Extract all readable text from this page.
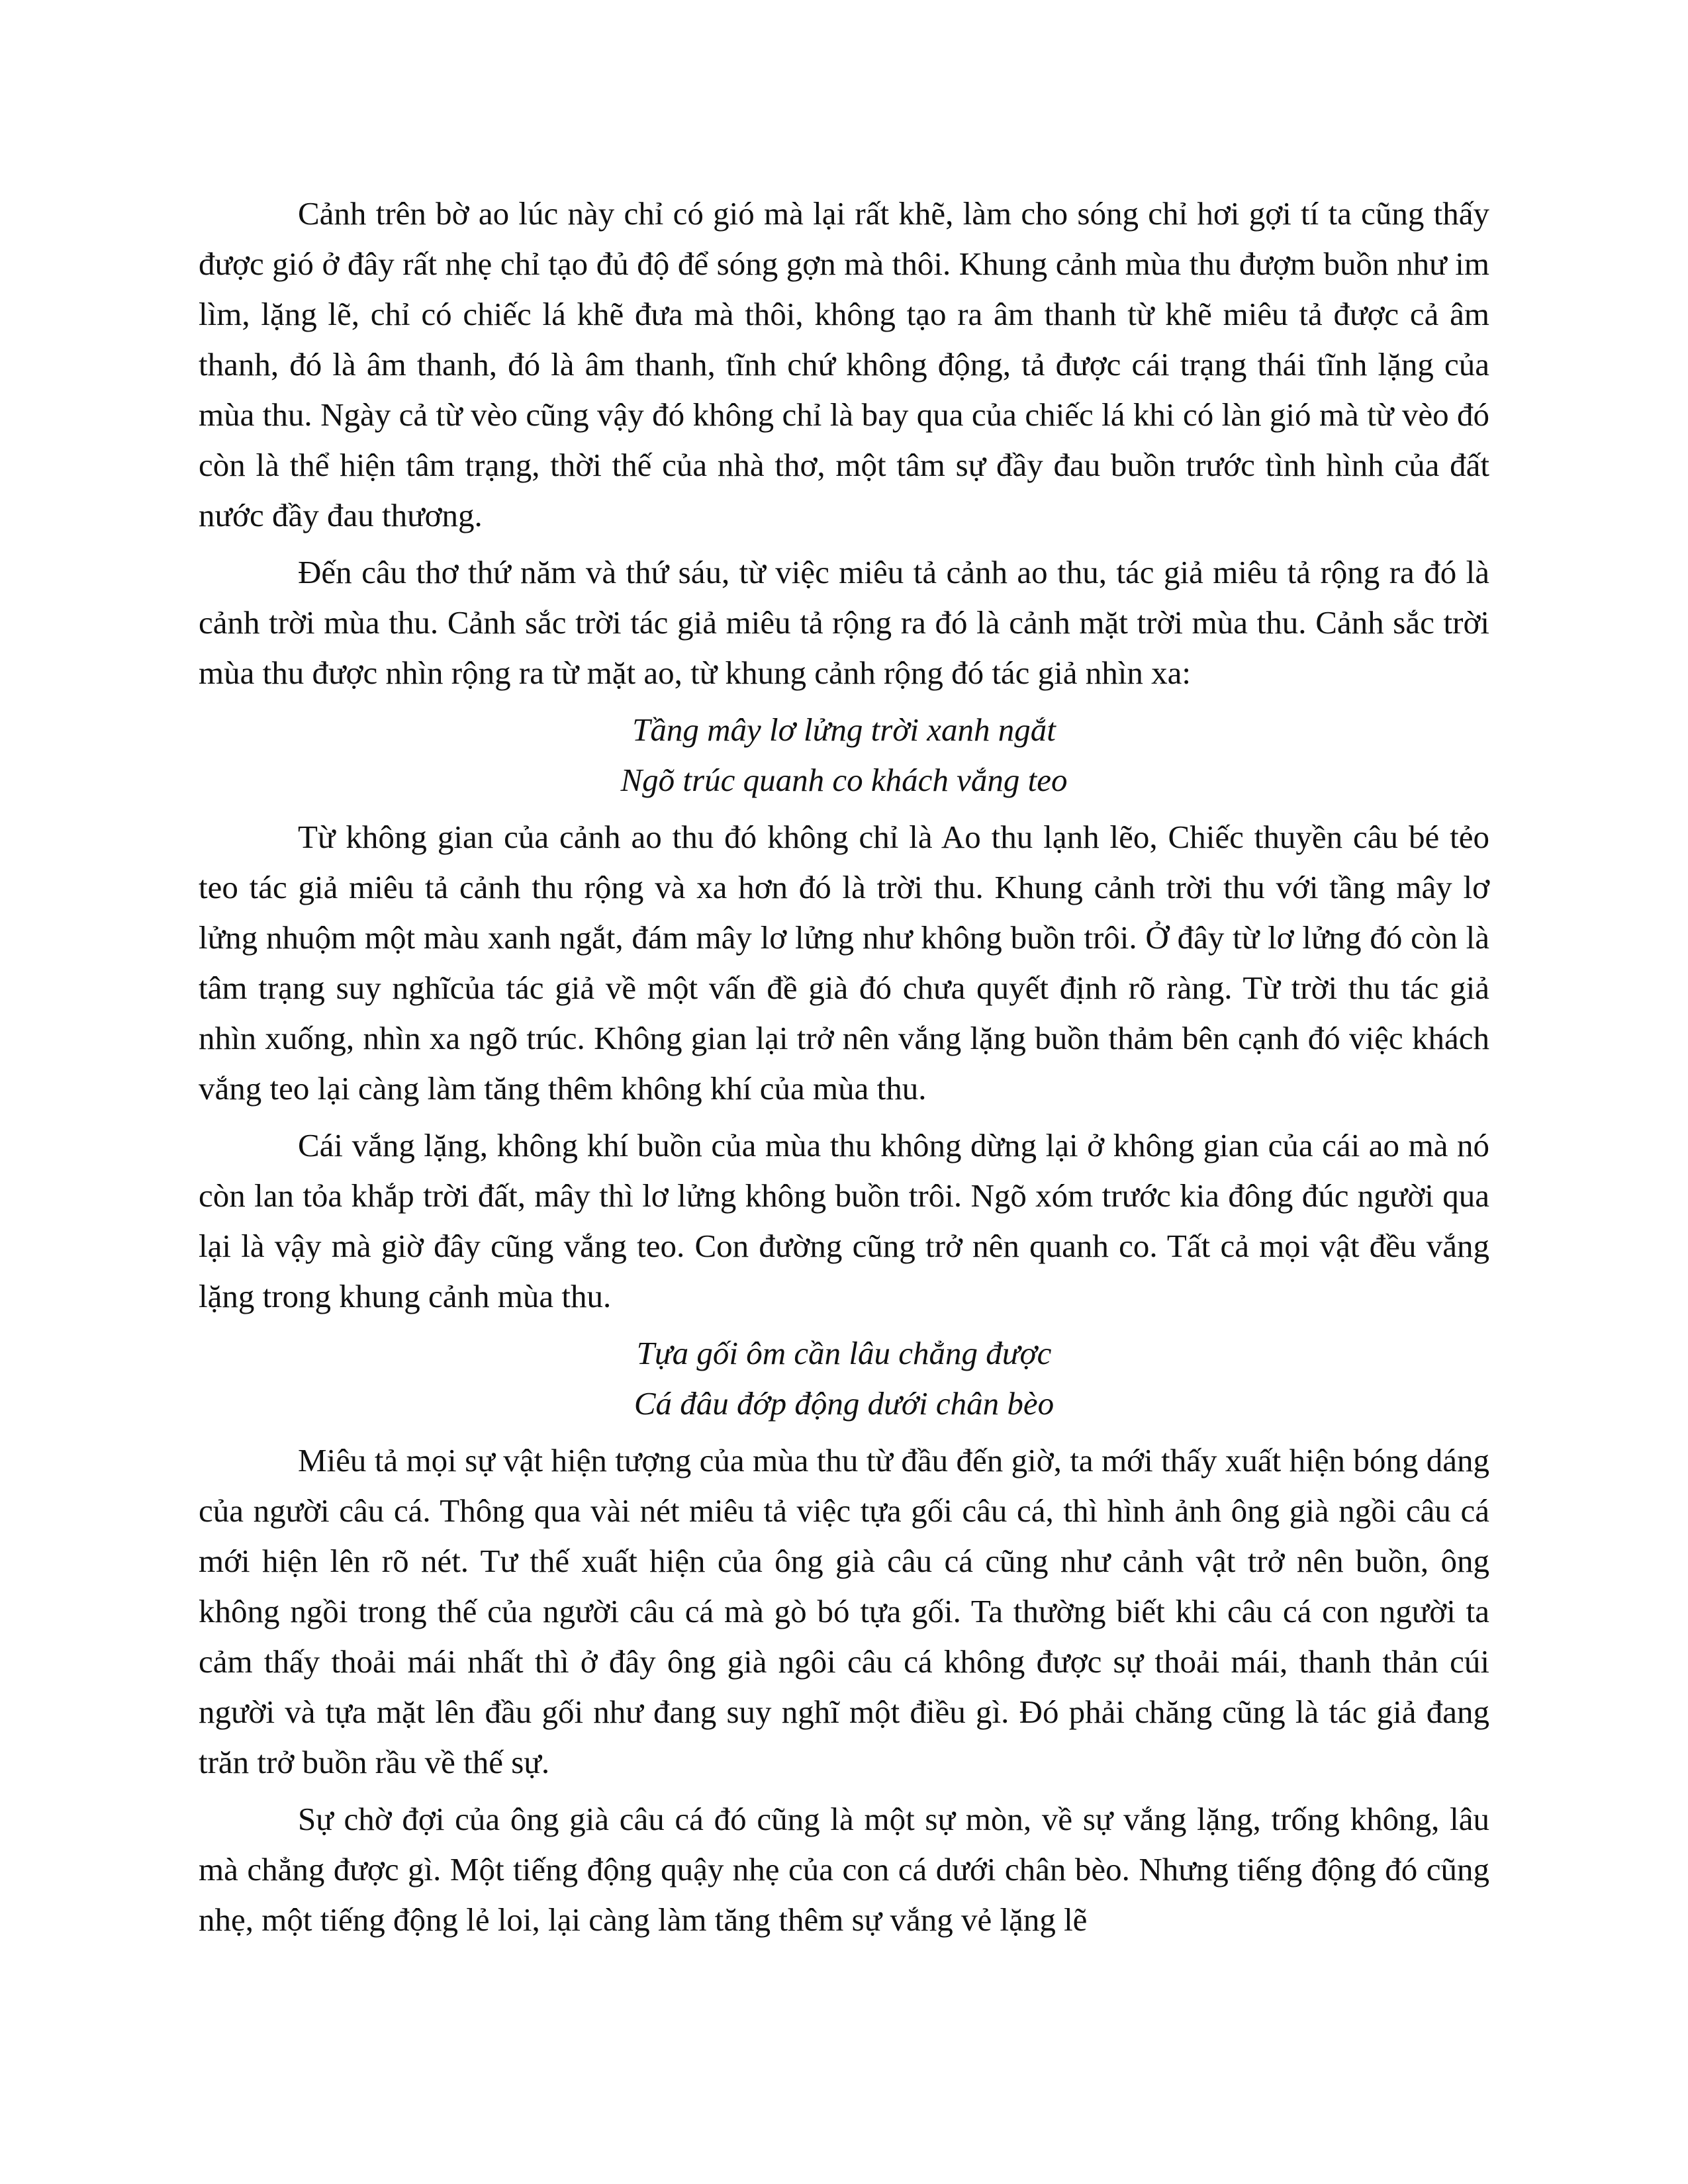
Cảnh trên bờ ao lúc này chỉ có gió mà lại rất khẽ, làm cho sóng chỉ hơi gợi tí ta cũng thấy được gió ở đây rất nhẹ chỉ tạo đủ độ để sóng gợn mà thôi. Khung cảnh mùa thu đượm buồn như im lìm, lặng lẽ, chỉ có chiếc lá khẽ đưa mà thôi, không tạo ra âm thanh từ khẽ miêu tả được cả âm thanh, đó là âm thanh, đó là âm thanh, tĩnh chứ không động, tả được cái trạng thái tĩnh lặng của mùa thu. Ngày cả từ vèo cũng vậy đó không chỉ là bay qua của chiếc lá khi có làn gió mà từ vèo đó còn là thể hiện tâm trạng, thời thế của nhà thơ, một tâm sự đầy đau buồn trước tình hình của đất nước đầy đau thương.

Đến câu thơ thứ năm và thứ sáu, từ việc miêu tả cảnh ao thu, tác giả miêu tả rộng ra đó là cảnh trời mùa thu. Cảnh sắc trời tác giả miêu tả rộng ra đó là cảnh mặt trời mùa thu. Cảnh sắc trời mùa thu được nhìn rộng ra từ mặt ao, từ khung cảnh rộng đó tác giả nhìn xa:

Tầng mây lơ lửng trời xanh ngắt
Ngõ trúc quanh co khách vắng teo

Từ không gian của cảnh ao thu đó không chỉ là Ao thu lạnh lẽo, Chiếc thuyền câu bé tẻo teo tác giả miêu tả cảnh thu rộng và xa hơn đó là trời thu. Khung cảnh trời thu với tầng mây lơ lửng nhuộm một màu xanh ngắt, đám mây lơ lửng như không buồn trôi. Ở đây từ lơ lửng đó còn là tâm trạng suy nghĩcủa tác giả về một vấn đề già đó chưa quyết định rõ ràng. Từ trời thu tác giả nhìn xuống, nhìn xa ngõ trúc. Không gian lại trở nên vắng lặng buồn thảm bên cạnh đó việc khách vắng teo lại càng làm tăng thêm không khí của mùa thu.

Cái vắng lặng, không khí buồn của mùa thu không dừng lại ở không gian của cái ao mà nó còn lan tỏa khắp trời đất, mây thì lơ lửng không buồn trôi. Ngõ xóm trước kia đông đúc người qua lại là vậy mà giờ đây cũng vắng teo. Con đường cũng trở nên quanh co. Tất cả mọi vật đều vắng lặng trong khung cảnh mùa thu.

Tựa gối ôm cần lâu chẳng được
Cá đâu đớp động dưới chân bèo

Miêu tả mọi sự vật hiện tượng của mùa thu từ đầu đến giờ, ta mới thấy xuất hiện bóng dáng của người câu cá. Thông qua vài nét miêu tả việc tựa gối câu cá, thì hình ảnh ông già ngồi câu cá mới hiện lên rõ nét. Tư thế xuất hiện của ông già câu cá cũng như cảnh vật trở nên buồn, ông không ngồi trong thế của người câu cá mà gò bó tựa gối. Ta thường biết khi câu cá con người ta cảm thấy thoải mái nhất thì ở đây ông già ngôi câu cá không được sự thoải mái, thanh thản cúi người và tựa mặt lên đầu gối như đang suy nghĩ một điều gì. Đó phải chăng cũng là tác giả đang trăn trở buồn rầu về thế sự.

Sự chờ đợi của ông già câu cá đó cũng là một sự mòn, về sự vắng lặng, trống không, lâu mà chẳng được gì. Một tiếng động quậy nhẹ của con cá dưới chân bèo. Nhưng tiếng động đó cũng nhẹ, một tiếng động lẻ loi, lại càng làm tăng thêm sự vắng vẻ lặng lẽ
